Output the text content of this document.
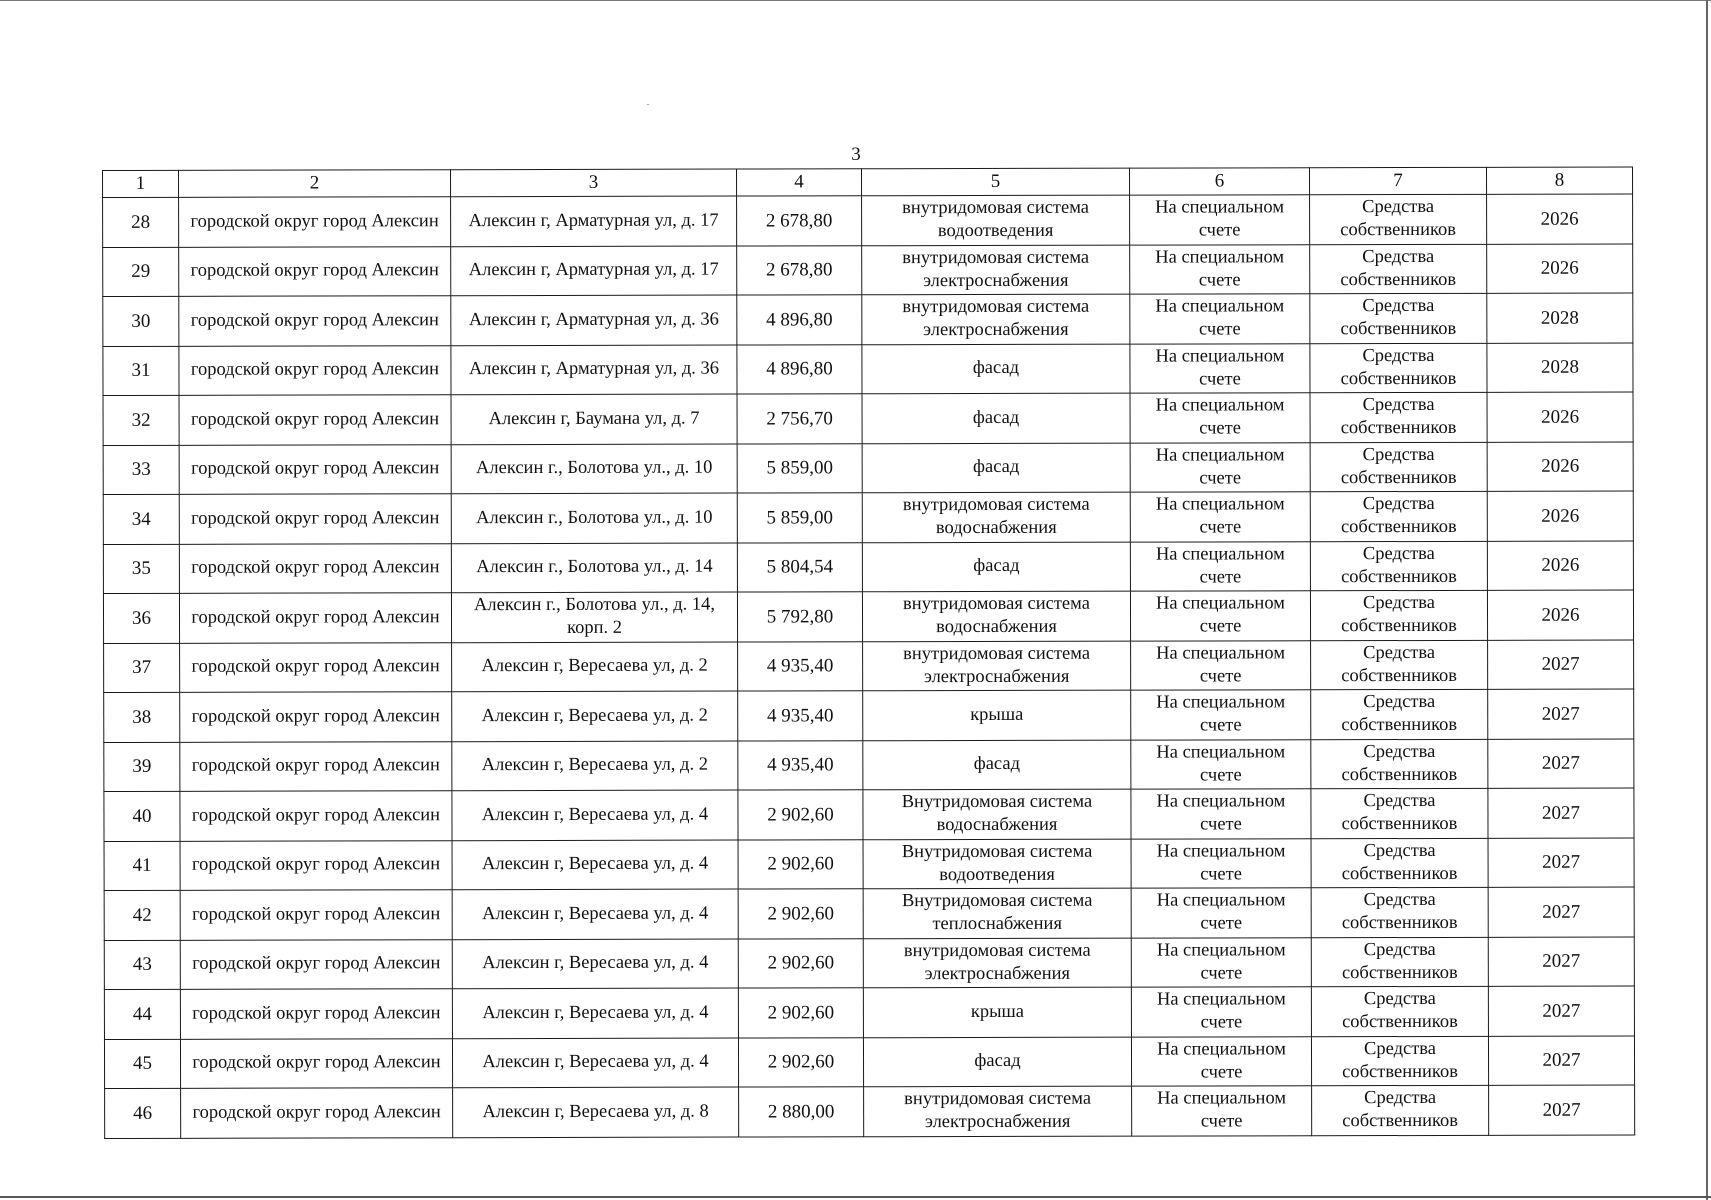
3
1	2	3	4	5	6	7	8
28	городской округ город Алексин	Алексин г, Арматурная ул, д. 17	2 678,80	внутридомовая система водоотведения	На специальном счете	Средства собственников	2026
29	городской округ город Алексин	Алексин г, Арматурная ул, д. 17	2 678,80	внутридомовая система электроснабжения	На специальном счете	Средства собственников	2026
30	городской округ город Алексин	Алексин г, Арматурная ул, д. 36	4 896,80	внутридомовая система электроснабжения	На специальном счете	Средства собственников	2028
31	городской округ город Алексин	Алексин г, Арматурная ул, д. 36	4 896,80	фасад	На специальном счете	Средства собственников	2028
32	городской округ город Алексин	Алексин г, Баумана ул, д. 7	2 756,70	фасад	На специальном счете	Средства собственников	2026
33	городской округ город Алексин	Алексин г., Болотова ул., д. 10	5 859,00	фасад	На специальном счете	Средства собственников	2026
34	городской округ город Алексин	Алексин г., Болотова ул., д. 10	5 859,00	внутридомовая система водоснабжения	На специальном счете	Средства собственников	2026
35	городской округ город Алексин	Алексин г., Болотова ул., д. 14	5 804,54	фасад	На специальном счете	Средства собственников	2026
36	городской округ город Алексин	Алексин г., Болотова ул., д. 14, корп. 2	5 792,80	внутридомовая система водоснабжения	На специальном счете	Средства собственников	2026
37	городской округ город Алексин	Алексин г, Вересаева ул, д. 2	4 935,40	внутридомовая система электроснабжения	На специальном счете	Средства собственников	2027
38	городской округ город Алексин	Алексин г, Вересаева ул, д. 2	4 935,40	крыша	На специальном счете	Средства собственников	2027
39	городской округ город Алексин	Алексин г, Вересаева ул, д. 2	4 935,40	фасад	На специальном счете	Средства собственников	2027
40	городской округ город Алексин	Алексин г, Вересаева ул, д. 4	2 902,60	Внутридомовая система водоснабжения	На специальном счете	Средства собственников	2027
41	городской округ город Алексин	Алексин г, Вересаева ул, д. 4	2 902,60	Внутридомовая система водоотведения	На специальном счете	Средства собственников	2027
42	городской округ город Алексин	Алексин г, Вересаева ул, д. 4	2 902,60	Внутридомовая система теплоснабжения	На специальном счете	Средства собственников	2027
43	городской округ город Алексин	Алексин г, Вересаева ул, д. 4	2 902,60	внутридомовая система электроснабжения	На специальном счете	Средства собственников	2027
44	городской округ город Алексин	Алексин г, Вересаева ул, д. 4	2 902,60	крыша	На специальном счете	Средства собственников	2027
45	городской округ город Алексин	Алексин г, Вересаева ул, д. 4	2 902,60	фасад	На специальном счете	Средства собственников	2027
46	городской округ город Алексин	Алексин г, Вересаева ул, д. 8	2 880,00	внутридомовая система электроснабжения	На специальном счете	Средства собственников	2027
